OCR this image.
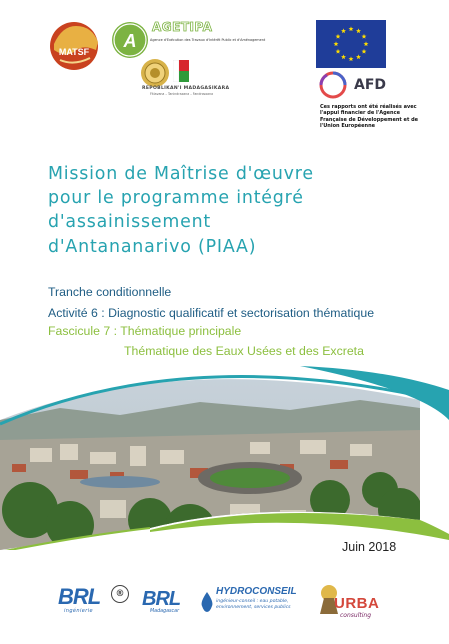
MATSF
A
AGETIPA
Agence d'Exécution des Travaux d'Intérêt Public et d'Aménagement
REPOBLIKAN'I MADAGASIKARA
Fitiavana – Tanindrazana – Fandrosoana
AFD
Ces rapports ont été réalisés avec l'appui financier de l'Agence Française de Développement et de l'Union Européenne
Mission de Maîtrise d'œuvre
pour le programme intégré
d'assainissement
d'Antananarivo (PIAA)
Tranche conditionnelle
Activité 6 : Diagnostic qualificatif et sectorisation thématique
Fascicule 7 : Thématique principale
Thématique des Eaux Usées et des Excreta
Juin 2018
BRL
ingénierie
® BRL
Madagascar
HYDROCONSEIL
ingénieur-conseil : eau potable, environnement, services publics	URBA
consulting
